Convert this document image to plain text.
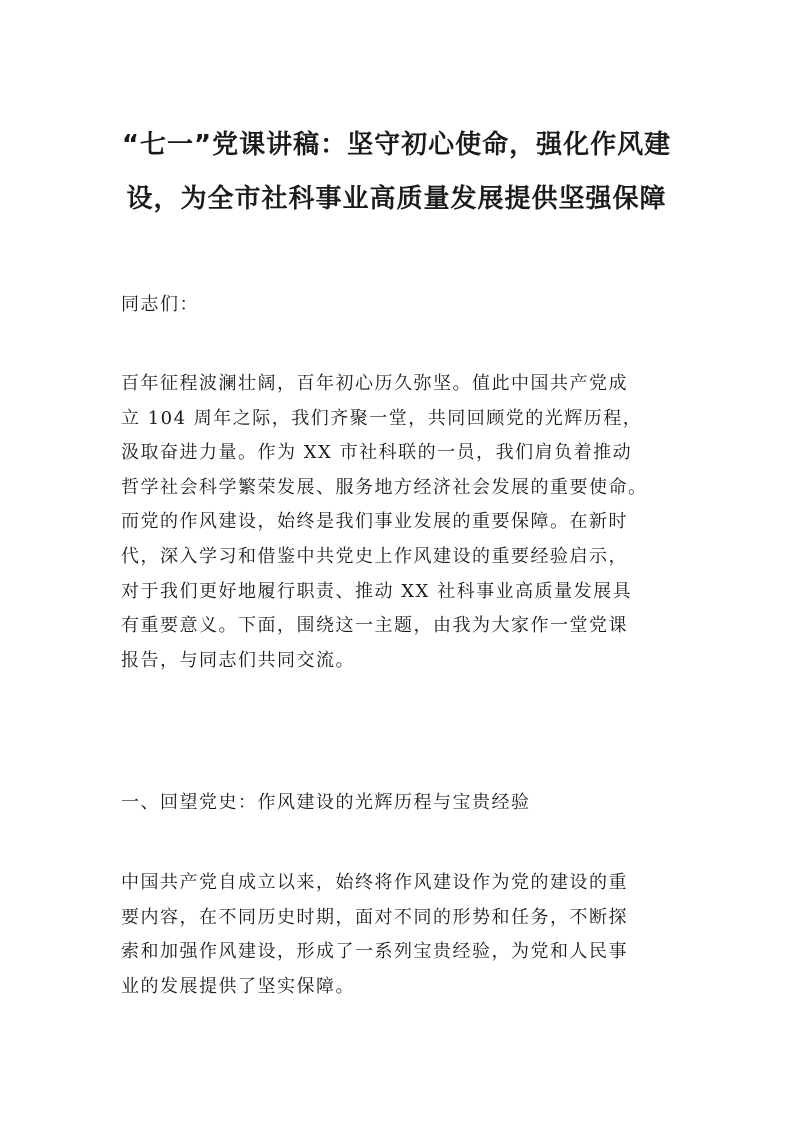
“七一”党课讲稿：坚守初心使命，强化作风建
设，为全市社科事业高质量发展提供坚强保障

同志们：

百年征程波澜壮阔，百年初心历久弥坚。值此中国共产党成
立 104 周年之际，我们齐聚一堂，共同回顾党的光辉历程，
汲取奋进力量。作为 XX 市社科联的一员，我们肩负着推动
哲学社会科学繁荣发展、服务地方经济社会发展的重要使命。
而党的作风建设，始终是我们事业发展的重要保障。在新时
代，深入学习和借鉴中共党史上作风建设的重要经验启示，
对于我们更好地履行职责、推动 XX 社科事业高质量发展具
有重要意义。下面，围绕这一主题，由我为大家作一堂党课
报告，与同志们共同交流。

一、回望党史：作风建设的光辉历程与宝贵经验

中国共产党自成立以来，始终将作风建设作为党的建设的重
要内容，在不同历史时期，面对不同的形势和任务，不断探
索和加强作风建设，形成了一系列宝贵经验，为党和人民事
业的发展提供了坚实保障。
